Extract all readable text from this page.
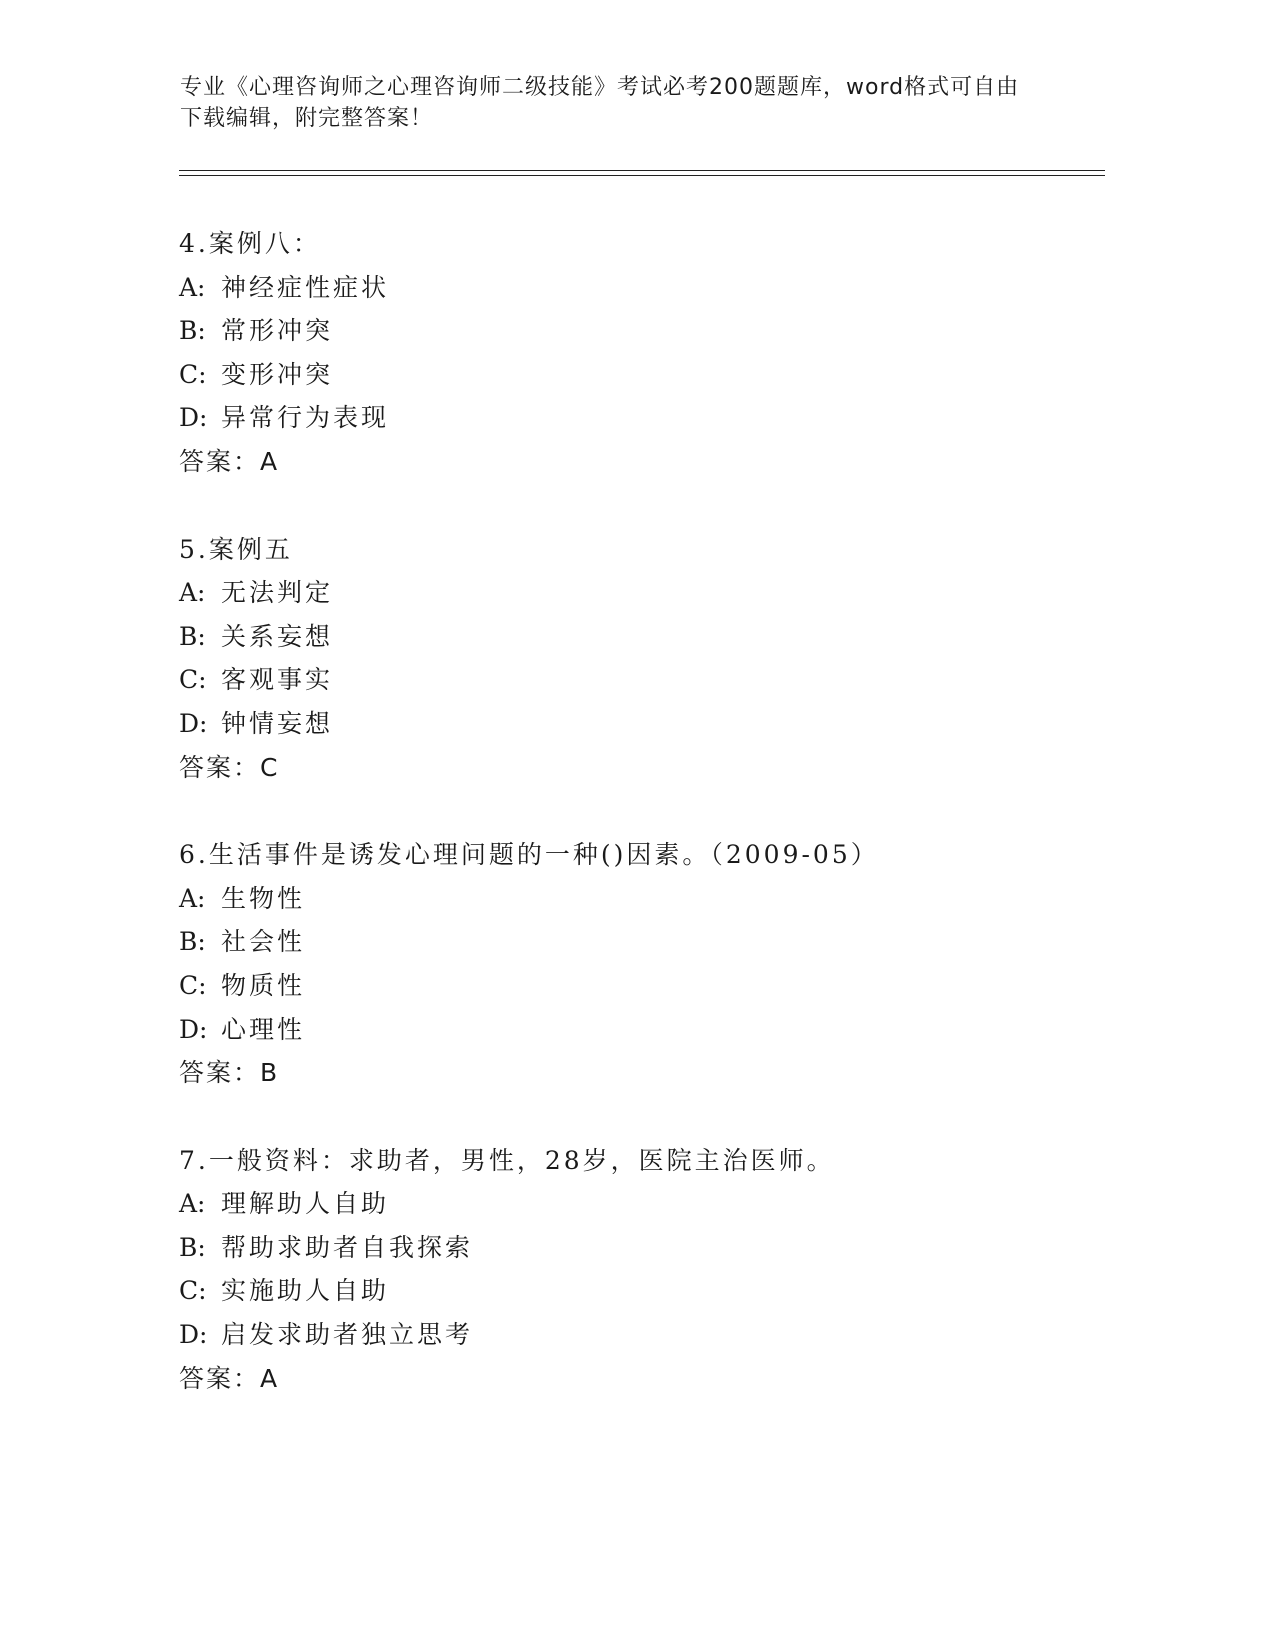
专业《心理咨询师之心理咨询师二级技能》考试必考200题题库，word格式可自由下载编辑，附完整答案！
4.案例八：
A: 神经症性症状
B: 常形冲突
C: 变形冲突
D: 异常行为表现
答案：A
5.案例五
A: 无法判定
B: 关系妄想
C: 客观事实
D: 钟情妄想
答案：C
6.生活事件是诱发心理问题的一种()因素。（2009-05）
A: 生物性
B: 社会性
C: 物质性
D: 心理性
答案：B
7.一般资料：求助者，男性，28岁，医院主治医师。
A: 理解助人自助
B: 帮助求助者自我探索
C: 实施助人自助
D: 启发求助者独立思考
答案：A
